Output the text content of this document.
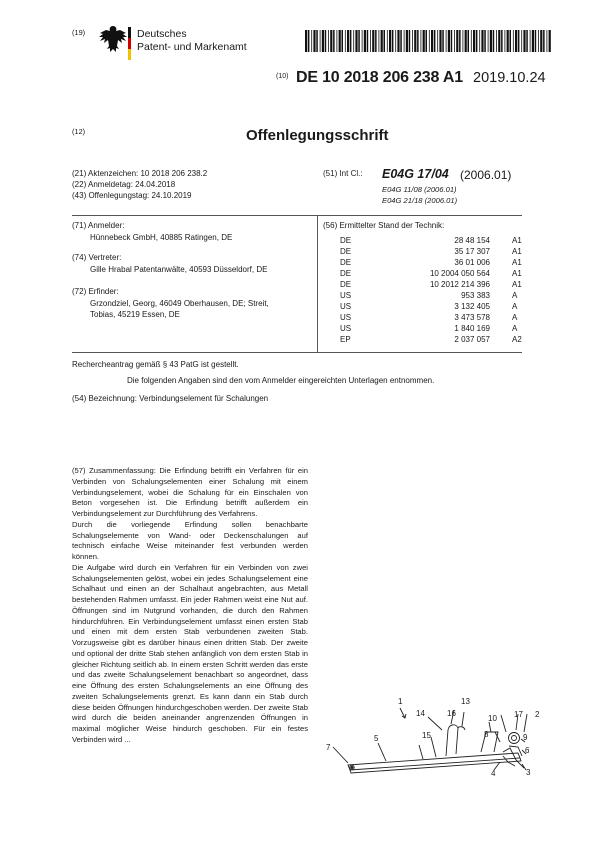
(19)	Deutsches
Patent- und Markenamt
(10) DE 10 2018 206 238 A1 2019.10.24
(12)	Offenlegungsschrift
(21) Aktenzeichen: 10 2018 206 238.2
(22) Anmeldetag: 24.04.2018
(43) Offenlegungstag: 24.10.2019
(51) Int Cl.: E04G 17/04 (2006.01)
E04G 11/08 (2006.01)
E04G 21/18 (2006.01)
(71) Anmelder:
Hünnebeck GmbH, 40885 Ratingen, DE
(74) Vertreter:
Gille Hrabal Patentanwälte, 40593 Düsseldorf, DE
(72) Erfinder:
Grzondziel, Georg, 46049 Oberhausen, DE; Streit,
Tobias, 45219 Essen, DE
(56) Ermittelter Stand der Technik:
DE	28 48 154	A1
DE	35 17 307	A1
DE	36 01 006	A1
DE	10 2004 050 564	A1
DE	10 2012 214 396	A1
US	953 383	A
US	3 132 405	A
US	3 473 578	A
US	1 840 169	A
EP	2 037 057	A2
Rechercheantrag gemäß § 43 PatG ist gestellt.
Die folgenden Angaben sind den vom Anmelder eingereichten Unterlagen entnommen.
(54) Bezeichnung: Verbindungselement für Schalungen
(57) Zusammenfassung: Die Erfindung betrifft ein Verfahren für ein Verbinden von Schalungselementen einer Schalung mit einem Verbindungselement, wobei die Schalung für ein Einschalen von Beton vorgesehen ist. Die Erfindung betrifft außerdem ein Verbindungselement zur Durchführung des Verfahrens.
Durch die vorliegende Erfindung sollen benachbarte Schalungselemente von Wand- oder Deckenschalungen auf technisch einfache Weise miteinander fest verbunden werden können.
Die Aufgabe wird durch ein Verfahren für ein Verbinden von zwei Schalungselementen gelöst, wobei ein jedes Schalungselement eine Schalhaut und einen an der Schalhaut angebrachten, aus Metall bestehenden Rahmen umfasst. Ein jeder Rahmen weist eine Nut auf. Öffnungen sind im Nutgrund vorhanden, die durch den Rahmen hindurchführen. Ein Verbindungselement umfasst einen ersten Stab und einen mit dem ersten Stab verbundenen zweiten Stab. Vorzugsweise gibt es darüber hinaus einen dritten Stab. Der zweite und optional der dritte Stab stehen anfänglich von dem ersten Stab in gleicher Richtung seitlich ab. In einem ersten Schritt werden das erste und das zweite Schalungselement benachbart so angeordnet, dass eine Öffnung des ersten Schalungselements an eine Öffnung des zweiten Schalungselements grenzt. Es kann dann ein Stab durch diese beiden Öffnungen hindurchgeschoben werden. Der zweite Stab wird durch die beiden aneinander angrenzenden Öffnungen in maximal möglicher Weise hindurch geschoben. Für ein festes Verbinden wird ...
1
2
3
4
5
6
7
8	9
10
13
14
15
16	17
